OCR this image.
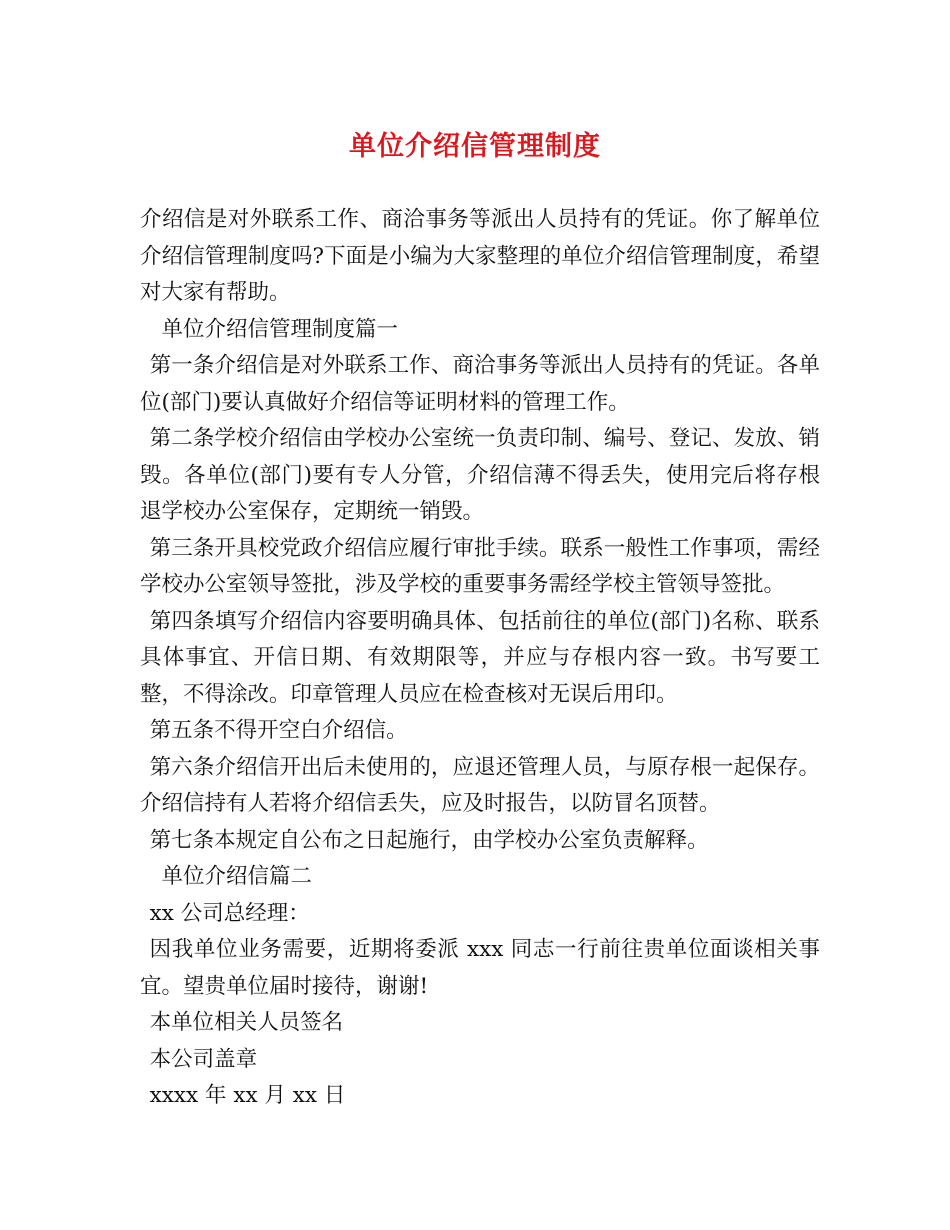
单位介绍信管理制度

介绍信是对外联系工作、商洽事务等派出人员持有的凭证。你了解单位介绍信管理制度吗?下面是小编为大家整理的单位介绍信管理制度，希望对大家有帮助。

单位介绍信管理制度篇一

第一条介绍信是对外联系工作、商洽事务等派出人员持有的凭证。各单位(部门)要认真做好介绍信等证明材料的管理工作。

第二条学校介绍信由学校办公室统一负责印制、编号、登记、发放、销毁。各单位(部门)要有专人分管，介绍信薄不得丢失，使用完后将存根退学校办公室保存，定期统一销毁。

第三条开具校党政介绍信应履行审批手续。联系一般性工作事项，需经学校办公室领导签批，涉及学校的重要事务需经学校主管领导签批。

第四条填写介绍信内容要明确具体、包括前往的单位(部门)名称、联系具体事宜、开信日期、有效期限等，并应与存根内容一致。书写要工整，不得涂改。印章管理人员应在检查核对无误后用印。

第五条不得开空白介绍信。

第六条介绍信开出后未使用的，应退还管理人员，与原存根一起保存。介绍信持有人若将介绍信丢失，应及时报告，以防冒名顶替。

第七条本规定自公布之日起施行，由学校办公室负责解释。

单位介绍信篇二

xx 公司总经理：

因我单位业务需要，近期将委派 xxx 同志一行前往贵单位面谈相关事宜。望贵单位届时接待，谢谢!

本单位相关人员签名

本公司盖章

xxxx 年 xx 月 xx 日
